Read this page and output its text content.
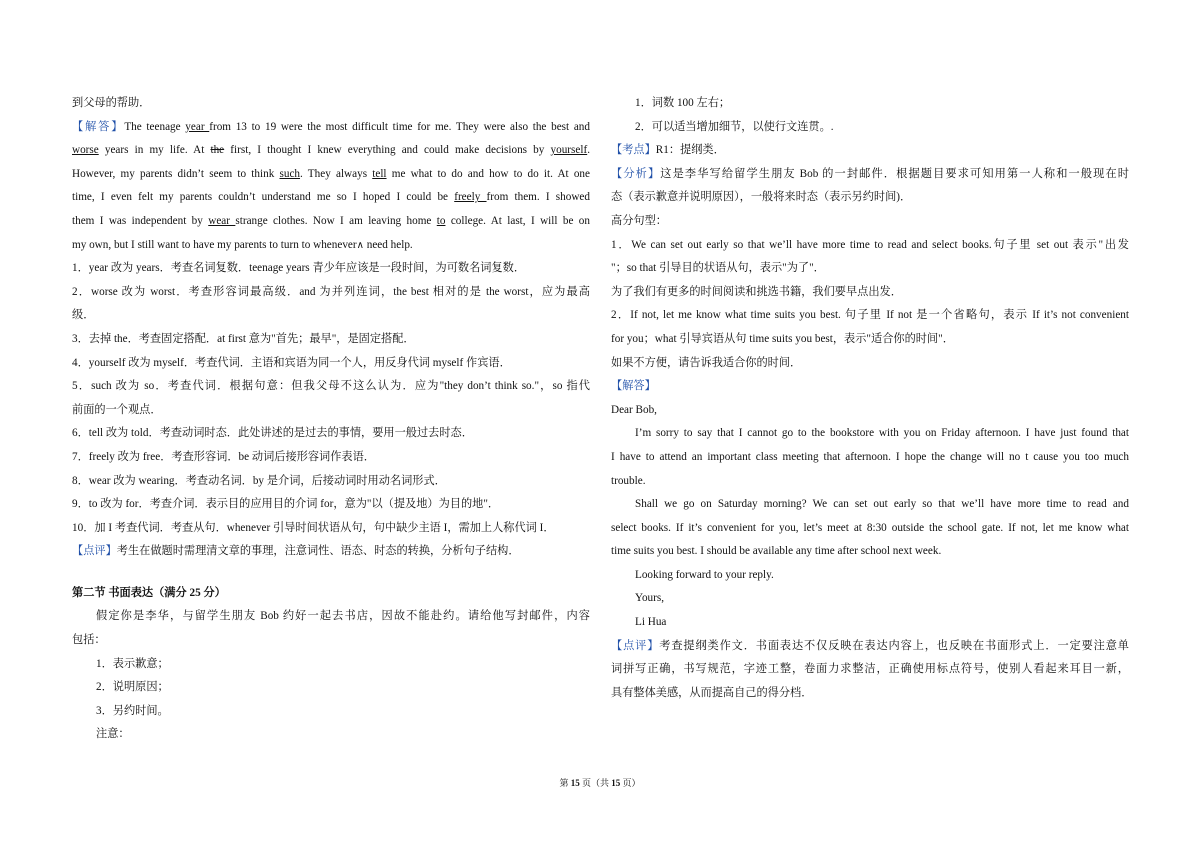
到父母的帮助．
【解答】The teenage year from 13 to 19 were the most difficult time for me. They were also the best and
worse years in my life. At the first, I thought I knew everything and could make decisions by yourself.
However, my parents didn’t seem to think such. They always tell me what to do and how to do it. At one
time, I even felt my parents couldn’t understand me so I hoped I could be freely from them. I showed
them I was independent by wear strange clothes. Now I am leaving home to college. At last, I will be on
my own, but I still want to have my parents to turn to whenever∧ need help.
1．year 改为 years．考查名词复数．teenage years 青少年应该是一段时间，为可数名词复数．
2．worse 改为 worst．考查形容词最高级．and 为并列连词，the best 相对的是 the worst，应为最高
级．
3．去掉 the．考查固定搭配．at first 意为"首先；最早"，是固定搭配．
4．yourself 改为 myself．考查代词．主语和宾语为同一个人，用反身代词 myself 作宾语．
5．such 改为 so．考查代词．根据句意：但我父母不这么认为．应为"they don’t think so."，so 指代
前面的一个观点．
6．tell 改为 told．考查动词时态．此处讲述的是过去的事情，要用一般过去时态．
7．freely 改为 free．考查形容词．be 动词后接形容词作表语．
8．wear 改为 wearing．考查动名词．by 是介词，后接动词时用动名词形式．
9．to 改为 for．考查介词．表示目的应用目的介词 for，意为"以（提及地）为目的地"．
10．加 I 考查代词．考查从句．whenever 引导时间状语从句，句中缺少主语 I，需加上人称代词 I．
【点评】考生在做题时需理清文章的事理，注意词性、语态、时态的转换，分析句子结构．
第二节 书面表达（满分 25 分）
假定你是李华，与留学生朋友 Bob 约好一起去书店，因故不能赴约。请给他写封邮件，内容
包括：
1．表示歉意；
2．说明原因；
3．另约时间。
注意：
1．词数 100 左右；
2．可以适当增加细节，以使行文连贯。.
【考点】R1：提纲类．
【分析】这是李华写给留学生朋友 Bob 的一封邮件．根据题目要求可知用第一人称和一般现在时
态（表示歉意并说明原因），一般将来时态（表示另约时间)．
高分句型：
1．We can set out early so that we’ll have more time to read and select books.句子里 set out 表示"出发
"；so that 引导目的状语从句，表示"为了"．
为了我们有更多的时间阅读和挑选书籍，我们要早点出发．
2．If not, let me know what time suits you best. 句子里 If not 是一个省略句，表示 If it’s not convenient
for you；what 引导宾语从句 time suits you best，表示"适合你的时间"．
如果不方便，请告诉我适合你的时间．
【解答】
Dear Bob,
I’m sorry to say that I cannot go to the bookstore with you on Friday afternoon. I have just found that
I have to attend an important class meeting that afternoon. I hope the change will no t cause you too much
trouble.
Shall we go on Saturday morning? We can set out early so that we’ll have more time to read and
select books. If it’s convenient for you, let’s meet at 8:30 outside the school gate. If not, let me know what
time suits you best. I should be available any time after school next week.
Looking forward to your reply.
Yours,
Li Hua
【点评】考查提纲类作文．书面表达不仅反映在表达内容上，也反映在书面形式上．一定要注意单
词拼写正确，书写规范，字迹工整，卷面力求整洁，正确使用标点符号，使别人看起来耳目一新，
具有整体美感，从而提高自己的得分档．
第 15 页（共 15 页）
